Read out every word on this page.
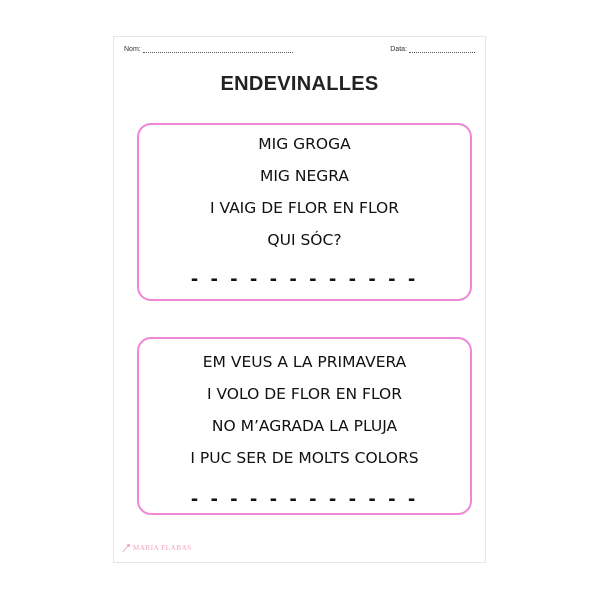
Nom:	Data:
ENDEVINALLES
MIG GROGA
MIG NEGRA
I VAIG DE FLOR EN FLOR
QUI SÓC?
- - - - - - - - - - - -
EM VEUS A LA PRIMAVERA
I VOLO DE FLOR EN FLOR
NO M’AGRADA LA PLUJA
I PUC SER DE MOLTS COLORS
- - - - - - - - - - - -
MARIA FLABAS
